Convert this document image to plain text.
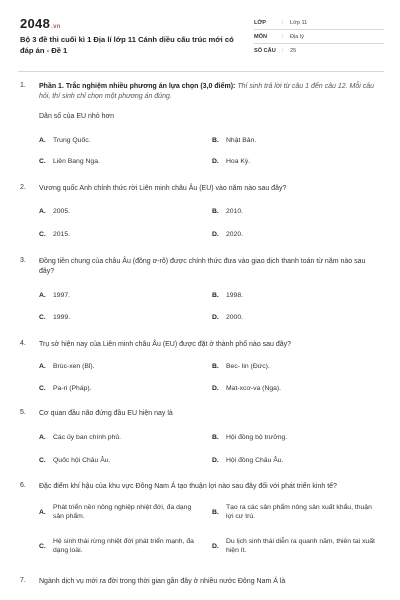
2048.vn
Bộ 3 đề thi cuối kì 1 Địa lí lớp 11 Cánh diều cấu trúc mới có đáp án - Đề 1
LỚP	:	Lớp 11
MÔN	:	Địa lý
SỐ CÂU	:	25
1. Phần 1. Trắc nghiệm nhiều phương án lựa chọn (3,0 điểm): Thí sinh trả lời từ câu 1 đến câu 12. Mỗi câu hỏi, thí sinh chỉ chọn một phương án đúng.
Dân số của EU nhỏ hơn
A. Trung Quốc.	B. Nhật Bản.
C. Liên Bang Nga.	D. Hoa Kỳ.
2. Vương quốc Anh chính thức rời Liên minh châu Âu (EU) vào năm nào sau đây?
A. 2005.	B. 2010.
C. 2015.	D. 2020.
3. Đồng tiền chung của châu Âu (đồng ơ-rô) được chính thức đưa vào giao dịch thanh toán từ năm nào sau đây?
A. 1997.	B. 1998.
C. 1999.	D. 2000.
4. Trụ sở hiện nay của Liên minh châu Âu (EU) được đặt ở thành phố nào sau đây?
A. Brúc-xen (Bỉ).	B. Bec- lin (Đức).
C. Pa-ri (Pháp).	D. Mat-xcơ-va (Nga).
5. Cơ quan đầu não đứng đầu EU hiện nay là
A. Các ủy ban chính phủ.	B. Hội đồng bộ trưởng.
C. Quốc hội Châu Âu.	D. Hội đồng Châu Âu.
6. Đặc điểm khí hậu của khu vực Đông Nam Á tạo thuận lợi nào sau đây đối với phát triển kinh tế?
A.
Phát triển nền nông nghiệp nhiệt đới, đa dạng sản phẩm.
B.
Tạo ra các sản phẩm nông sản xuất khẩu, thuận lợi cư trú.
C.
Hệ sinh thái rừng nhiệt đới phát triển mạnh, đa dạng loài.
D.
Du lịch sinh thái diễn ra quanh năm, thiên tai xuất hiện ít.
7. Ngành dịch vụ mới ra đời trong thời gian gần đây ở nhiều nước Đông Nam Á là
